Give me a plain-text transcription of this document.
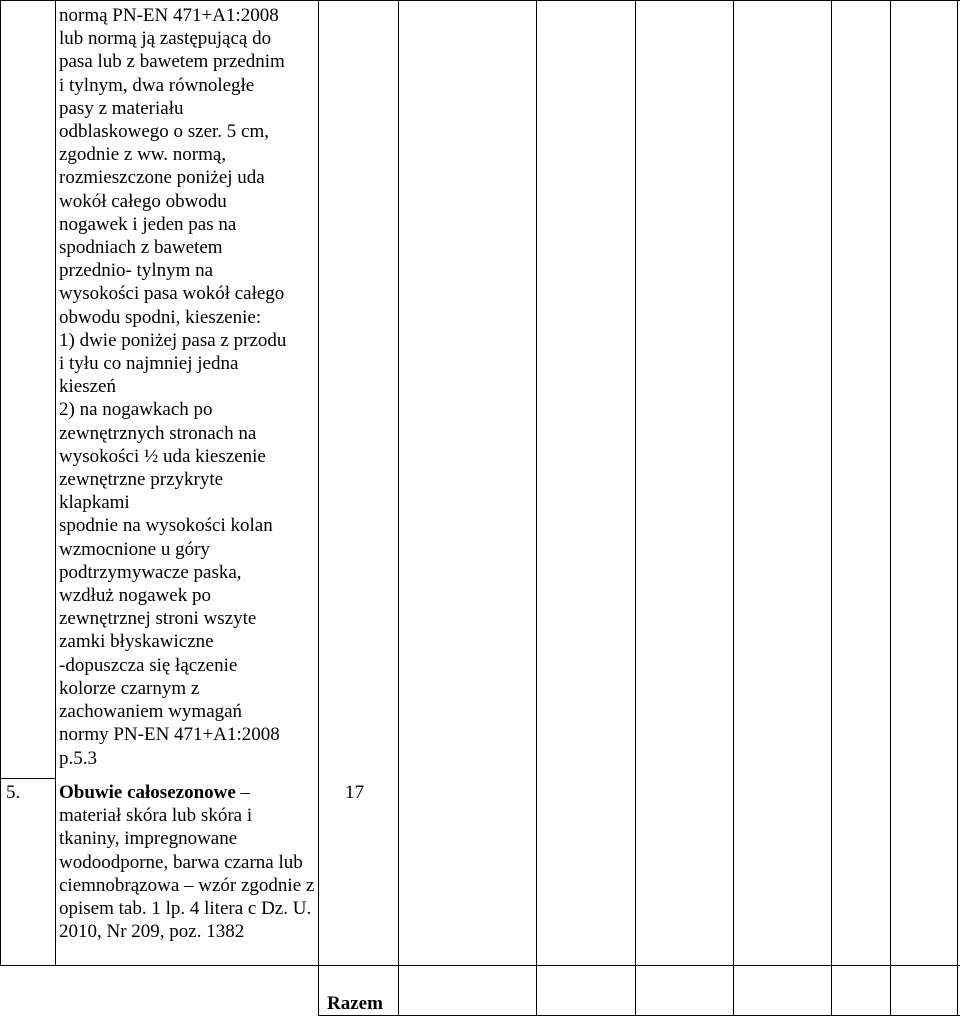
normą PN-EN 471+A1:2008
lub normą ją zastępującą do
pasa lub z bawetem przednim
i tylnym, dwa równoległe
pasy z materiału
odblaskowego o szer. 5 cm,
zgodnie z ww. normą,
rozmieszczone poniżej uda
wokół całego obwodu
nogawek i jeden pas na
spodniach z bawetem
przednio- tylnym na
wysokości pasa wokół całego
obwodu spodni, kieszenie:
1) dwie poniżej pasa z przodu
i tyłu co najmniej jedna
kieszeń
2) na nogawkach po
zewnętrznych stronach na
wysokości ½ uda kieszenie
zewnętrzne przykryte
klapkami
spodnie na wysokości kolan
wzmocnione u góry
podtrzymywacze paska,
wzdłuż nogawek po
zewnętrznej stroni wszyte
zamki błyskawiczne
-dopuszcza się łączenie
kolorze czarnym z
zachowaniem wymagań
normy PN-EN 471+A1:2008
p.5.3
5. Obuwie całosezonowe – materiał skóra lub skóra i tkaniny, impregnowane wodoodporne, barwa czarna lub ciemnobrązowa – wzór zgodnie z opisem tab. 1 lp. 4 litera c Dz. U. 2010, Nr 209, poz. 1382
17
Razem
